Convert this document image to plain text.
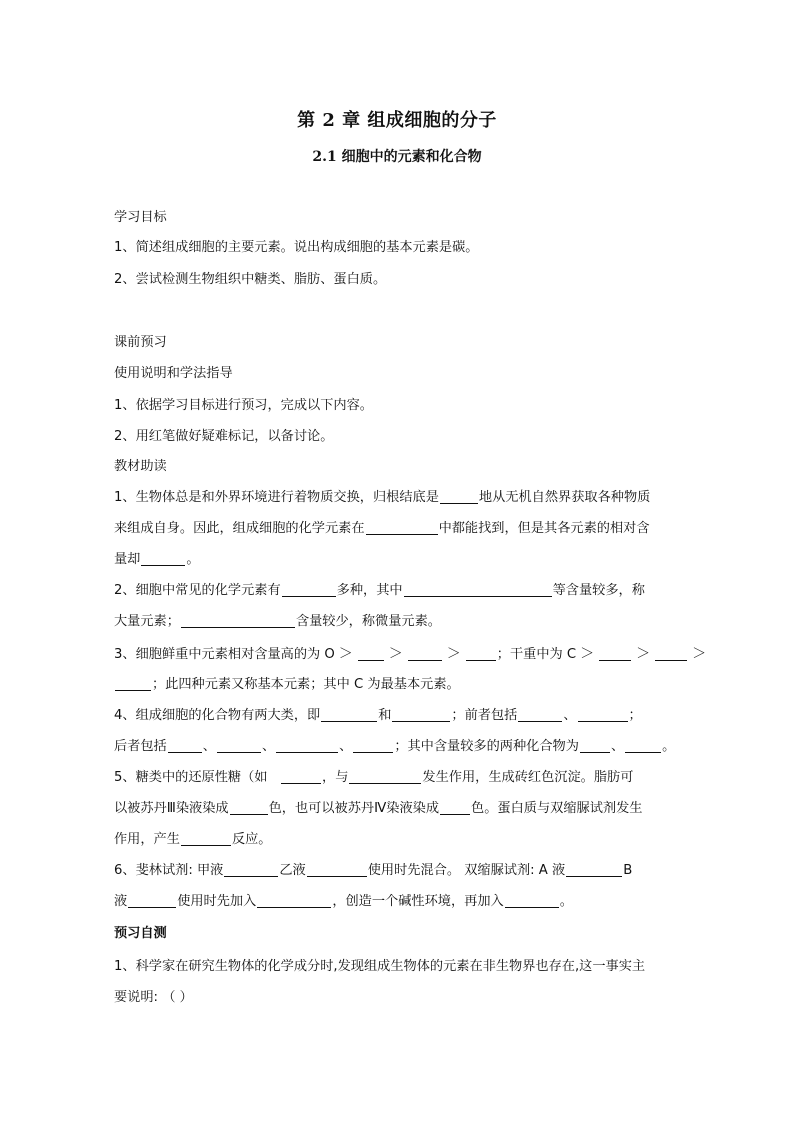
第 2 章 组成细胞的分子
2.1 细胞中的元素和化合物
学习目标
1、简述组成细胞的主要元素。说出构成细胞的基本元素是碳。
2、尝试检测生物组织中糖类、脂肪、蛋白质。
课前预习
使用说明和学法指导
1、依据学习目标进行预习，完成以下内容。
2、用红笔做好疑难标记，以备讨论。
教材助读
1、生物体总是和外界环境进行着物质交换，归根结底是	地从无机自然界获取各种物质
来组成自身。因此，组成细胞的化学元素在	中都能找到，但是其各元素的相对含
量却	。
2、细胞中常见的化学元素有	多种，其中	等含量较多，称
大量元素；	含量较少，称微量元素。
3、细胞鲜重中元素相对含量高的为 O ＞	＞	＞	；干重中为 C ＞	＞	＞
；此四种元素又称基本元素；其中 C 为最基本元素。
4、组成细胞的化合物有两大类，即	和	；前者包括	、	；
后者包括	、	、	、	；其中含量较多的两种化合物为 、	。
5、糖类中的还原性糖（如	，与	发生作用，生成砖红色沉淀。脂肪可
以被苏丹Ⅲ染液染成	色，也可以被苏丹Ⅳ染液染成 色。蛋白质与双缩脲试剂发生
作用，产生	反应。
6、斐林试剂: 甲液	乙液	使用时先混合。 双缩脲试剂: A 液	B
液	使用时先加入	，创造一个碱性环境，再加入	。
预习自测
1、科学家在研究生物体的化学成分时,发现组成生物体的元素在非生物界也存在,这一事实主
要说明: （ ）
